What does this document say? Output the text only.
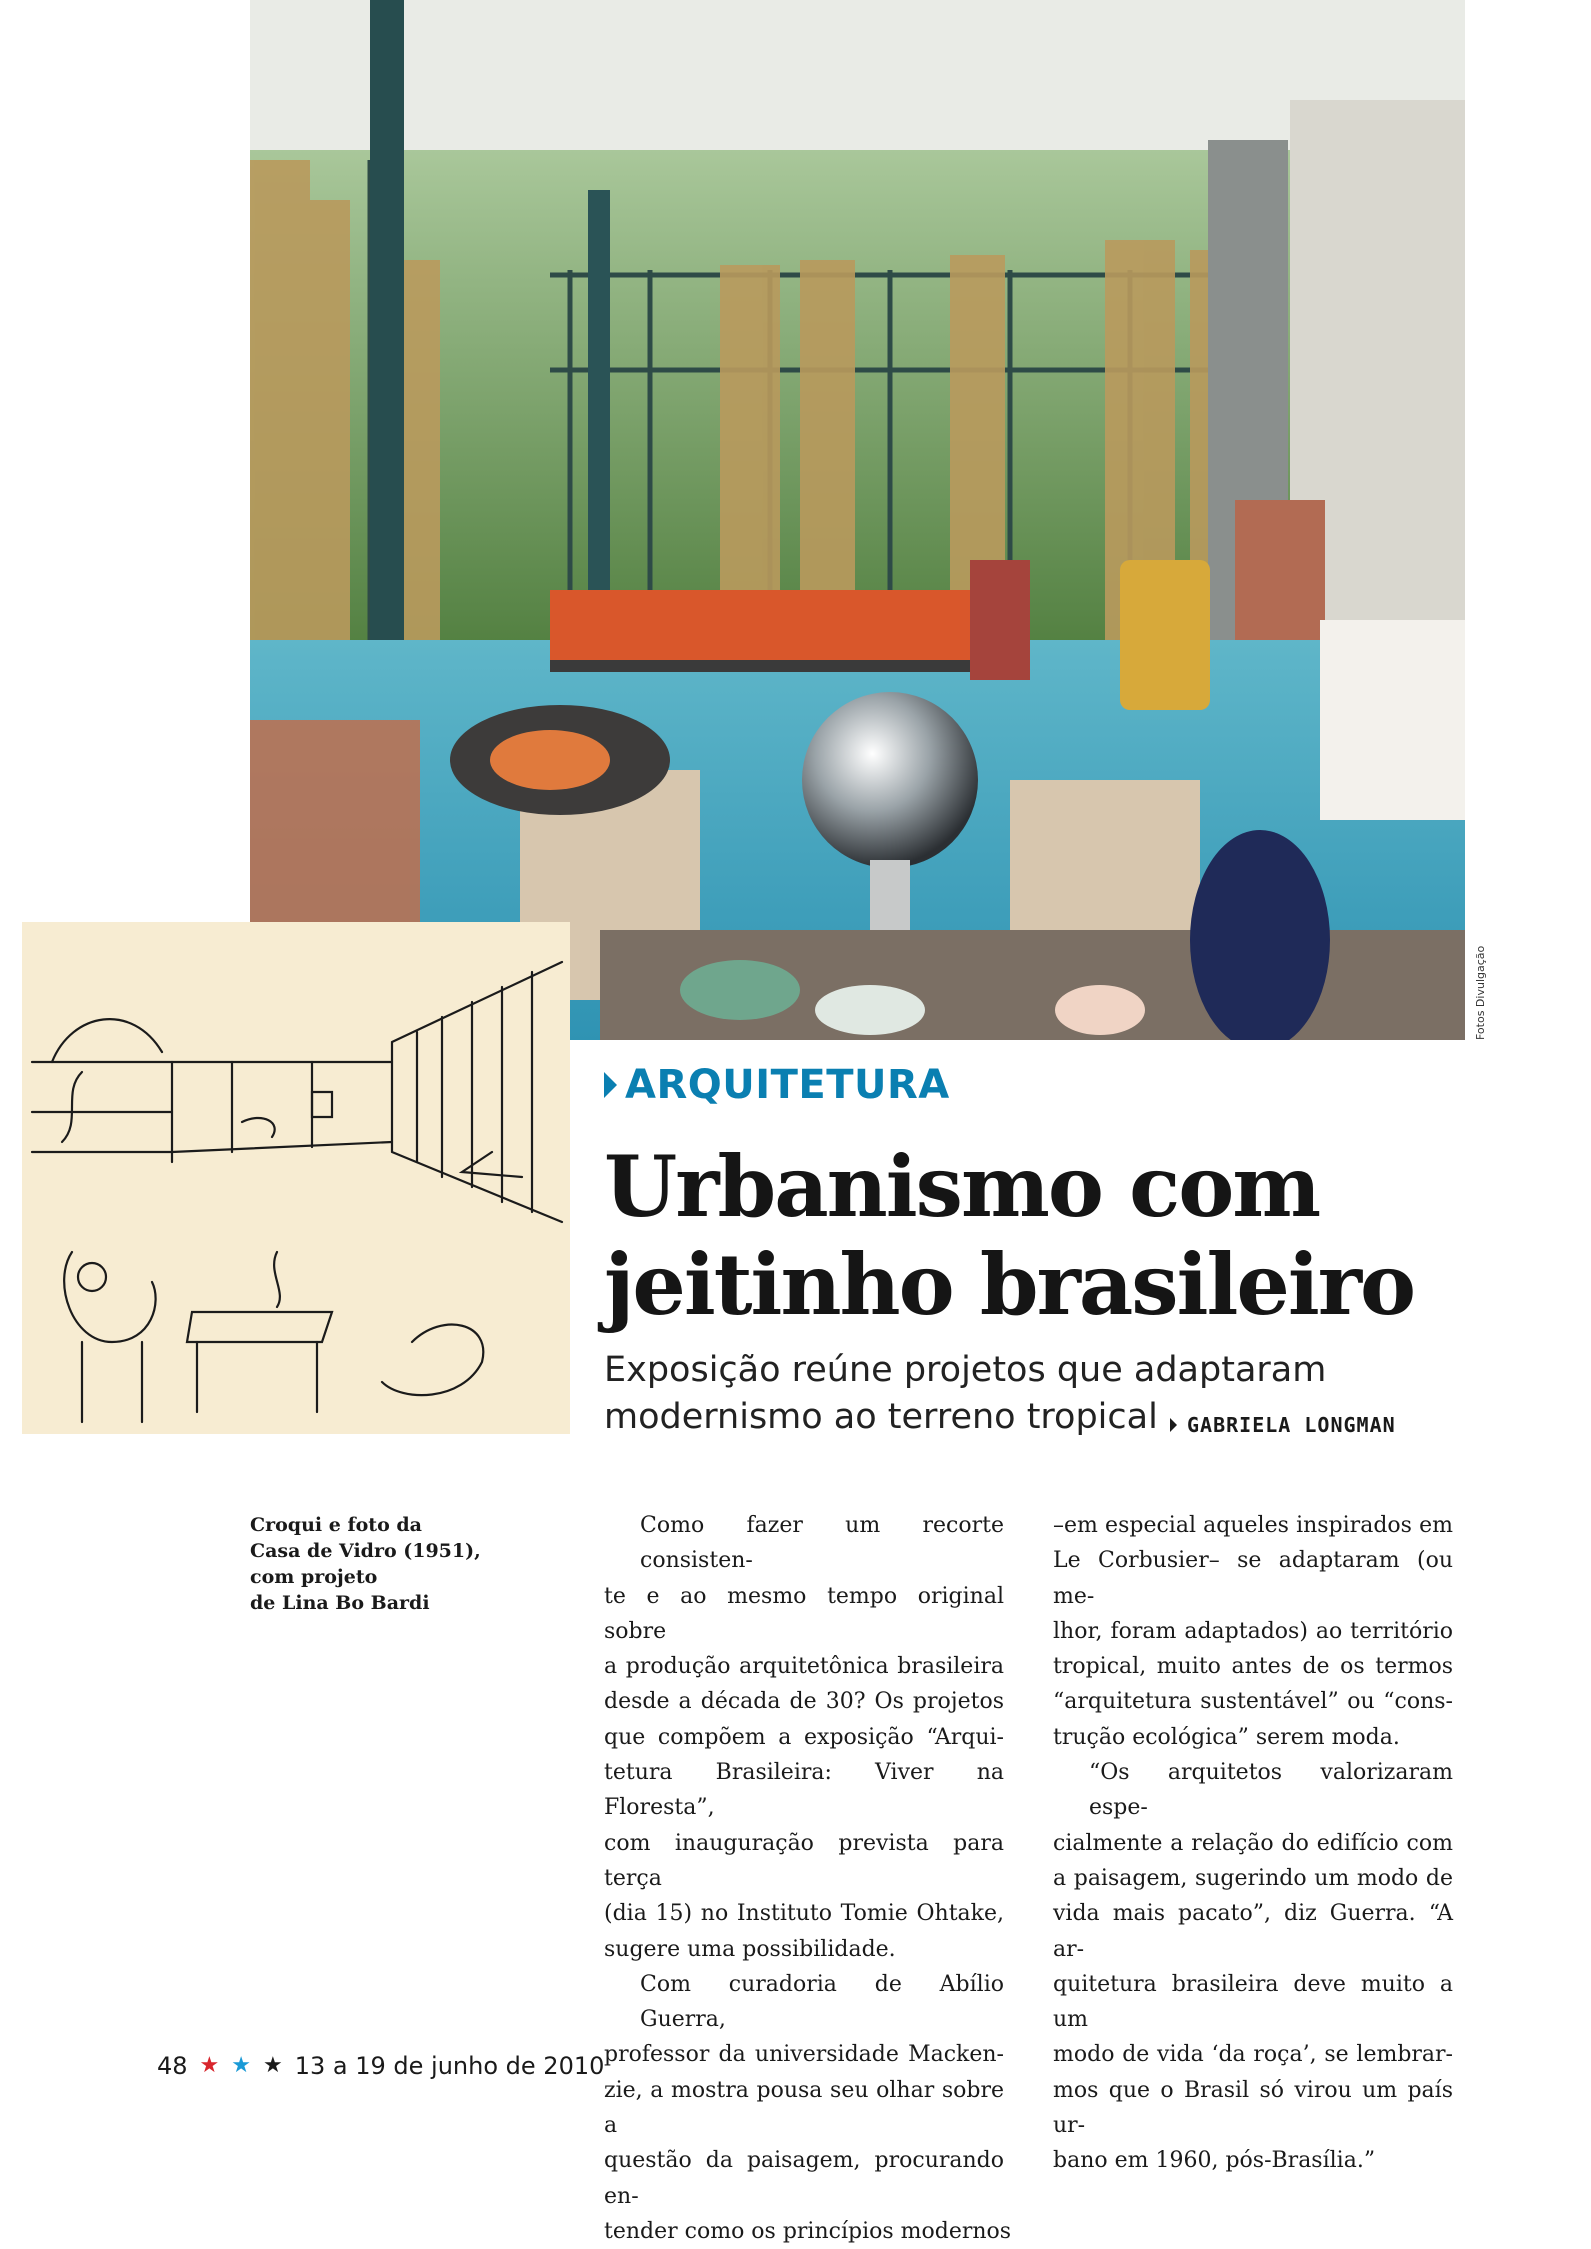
Fotos Divulgação
ARQUITETURA
Urbanismo com
jeitinho brasileiro
Exposição reúne projetos que adaptaram
modernismo ao terreno tropical	GABRIELA LONGMAN
Croqui e foto da
Casa de Vidro (1951),
com projeto
de Lina Bo Bardi
Como fazer um recorte consisten-
te e ao mesmo tempo original sobre
a produção arquitetônica brasileira
desde a década de 30? Os projetos
que compõem a exposição “Arqui-
tetura Brasileira: Viver na Floresta”,
com inauguração prevista para terça
(dia 15) no Instituto Tomie Ohtake,
sugere uma possibilidade.
Com curadoria de Abílio Guerra,
professor da universidade Macken-
zie, a mostra pousa seu olhar sobre a
questão da paisagem, procurando en-
tender como os princípios modernos
–em especial aqueles inspirados em
Le Corbusier– se adaptaram (ou me-
lhor, foram adaptados) ao território
tropical, muito antes de os termos
“arquitetura sustentável” ou “cons-
trução ecológica” serem moda.
“Os arquitetos valorizaram espe-
cialmente a relação do edifício com
a paisagem, sugerindo um modo de
vida mais pacato”, diz Guerra. “A ar-
quitetura brasileira deve muito a um
modo de vida ‘da roça’, se lembrar-
mos que o Brasil só virou um país ur-
bano em 1960, pós-Brasília.”
48 ★ ★ ★ 13 a 19 de junho de 2010
